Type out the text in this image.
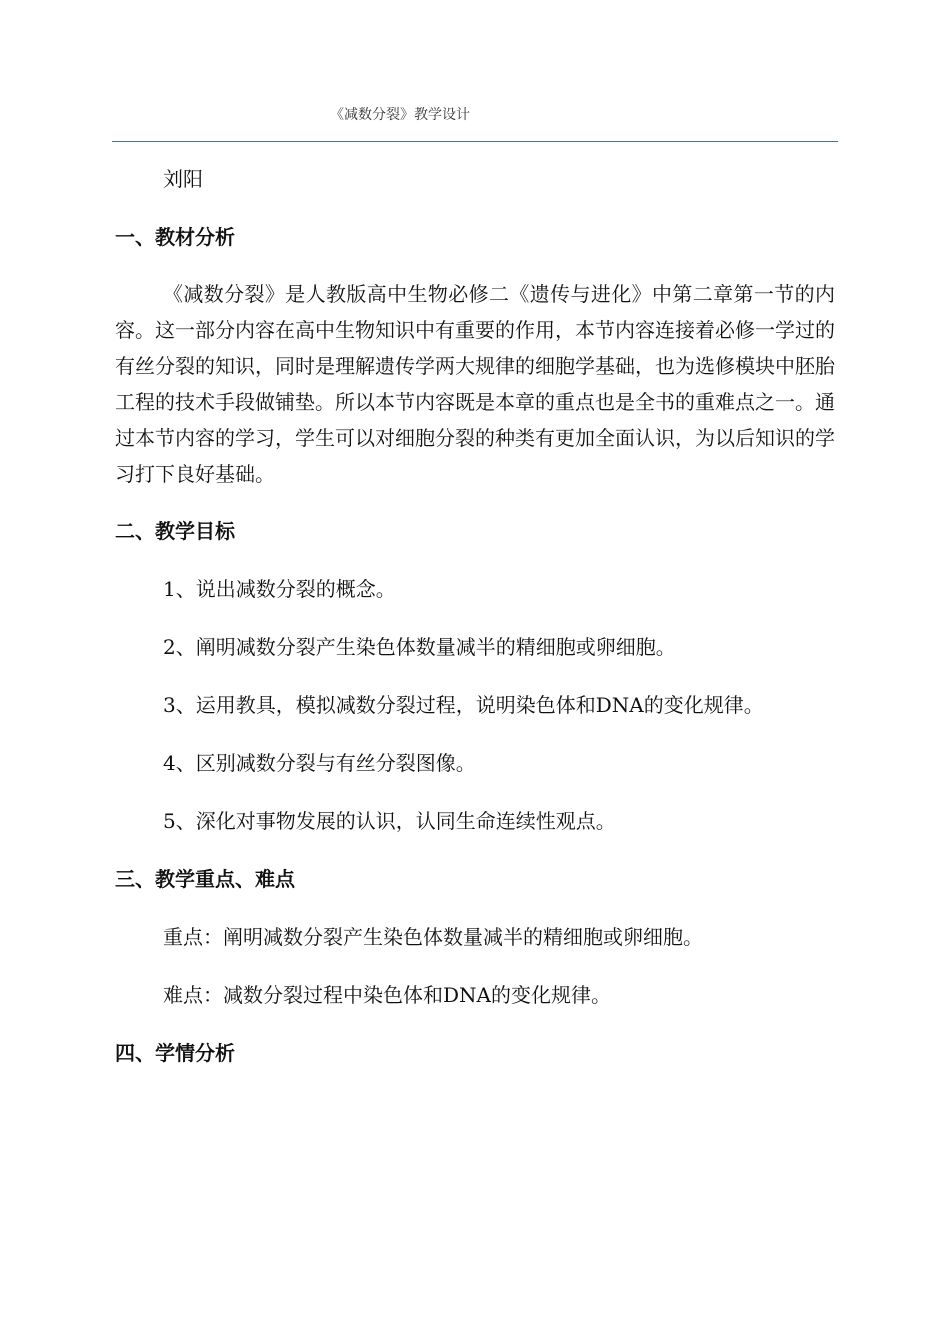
《减数分裂》教学设计
刘阳
一、教材分析

《减数分裂》是人教版高中生物必修二《遗传与进化》中第二章第一节的内容。这一部分内容在高中生物知识中有重要的作用，本节内容连接着必修一学过的有丝分裂的知识，同时是理解遗传学两大规律的细胞学基础，也为选修模块中胚胎工程的技术手段做铺垫。所以本节内容既是本章的重点也是全书的重难点之一。通过本节内容的学习，学生可以对细胞分裂的种类有更加全面认识，为以后知识的学习打下良好基础。

二、教学目标
1、说出减数分裂的概念。
2、阐明减数分裂产生染色体数量减半的精细胞或卵细胞。
3、运用教具，模拟减数分裂过程，说明染色体和DNA的变化规律。
4、区别减数分裂与有丝分裂图像。
5、深化对事物发展的认识，认同生命连续性观点。
三、教学重点、难点
重点：阐明减数分裂产生染色体数量减半的精细胞或卵细胞。
难点：减数分裂过程中染色体和DNA的变化规律。
四、学情分析
